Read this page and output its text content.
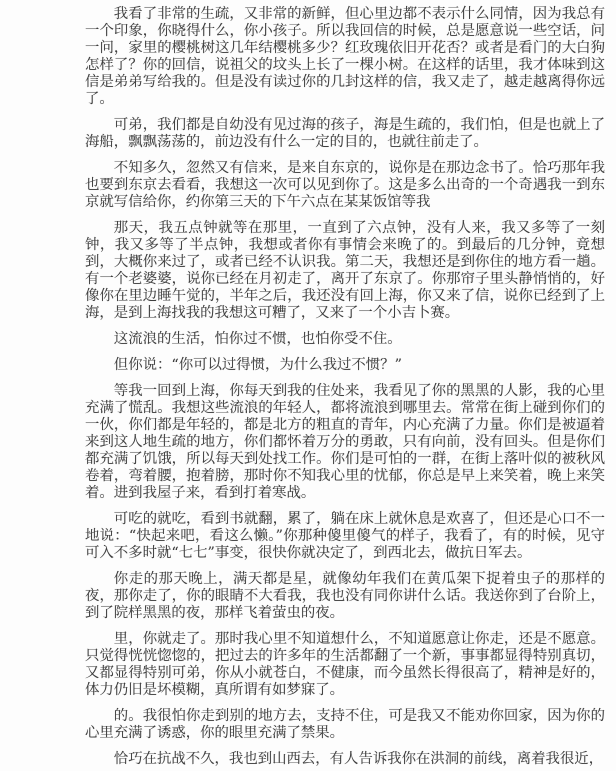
我看了非常的生疏，又非常的新鲜，但心里边都不表示什么同情，因为我总有一个印象，你晓得什么，你小孩子。所以我回信的时候，总是愿意说一些空话，问一问，家里的樱桃树这几年结樱桃多少？红玫瑰依旧开花否？或者是看门的大白狗怎样了？你的回信，说祖父的坟头上长了一棵小树。在这样的话里，我才体味到这信是弟弟写给我的。但是没有读过你的几封这样的信，我又走了，越走越离得你远了。

可弟，我们都是自幼没有见过海的孩子，海是生疏的，我们怕，但是也就上了海船，飘飘荡荡的，前边没有什么一定的目的，也就往前走了。

不知多久，忽然又有信来，是来自东京的，说你是在那边念书了。恰巧那年我也要到东京去看看，我想这一次可以见到你了。这是多么出奇的一个奇遇我一到东京就写信给你，约你第三天的下午六点在某某饭馆等我

那天，我五点钟就等在那里，一直到了六点钟，没有人来，我又多等了一刻钟，我又多等了半点钟，我想或者你有事情会来晚了的。到最后的几分钟，竟想到，大概你来过了，或者已经不认识我。第二天，我想还是到你住的地方看一趟。有一个老婆婆，说你已经在月初走了，离开了东京了。你那帘子里头静悄悄的，好像你在里边睡午觉的，半年之后，我还没有回上海，你又来了信，说你已经到了上海，是到上海找我的我想这可糟了，又来了一个小吉卜赛。

这流浪的生活，怕你过不惯，也怕你受不住。

但你说：“你可以过得惯，为什么我过不惯？”

等我一回到上海，你每天到我的住处来，我看见了你的黑黑的人影，我的心里充满了慌乱。我想这些流浪的年轻人，都将流浪到哪里去。常常在街上碰到你们的一伙，你们都是年轻的，都是北方的粗直的青年，内心充满了力量。你们是被逼着来到这人地生疏的地方，你们都怀着万分的勇敢，只有向前，没有回头。但是你们都充满了饥饿，所以每天到处找工作。你们是可怕的一群，在街上落叶似的被秋风卷着，弯着腰，抱着膀，那时你不知我心里的忧郁，你总是早上来笑着，晚上来笑着。进到我屋子来，看到打着寒战。

可吃的就吃，看到书就翻，累了，躺在床上就休息是欢喜了，但还是心口不一地说：“快起来吧，看这么懒。”你那种傻里傻气的样子，我看了，有的时候，见守可入不多时就“七七”事变，很快你就决定了，到西北去，做抗日军去。

你走的那天晚上，满天都是星，就像幼年我们在黄瓜架下捉着虫子的那样的夜，那你走了，你的眼睛不大看我，我也没有同你讲什么话。我送你到了台阶上，到了院样黑黑的夜，那样飞着萤虫的夜。

里，你就走了。那时我心里不知道想什么，不知道愿意让你走，还是不愿意。只觉得恍恍惚惚的，把过去的许多年的生活都翻了一个新，事事都显得特别真切，又都显得特别可弟，你从小就苍白，不健康，而今虽然长得很高了，精神是好的，体力仍旧是坏模糊，真所谓有如梦寐了。

的。我很怕你走到别的地方去，支持不住，可是我又不能劝你回家，因为你的心里充满了诱惑，你的眼里充满了禁果。

恰巧在抗战不久，我也到山西去，有人告诉我你在洪洞的前线，离着我很近，
